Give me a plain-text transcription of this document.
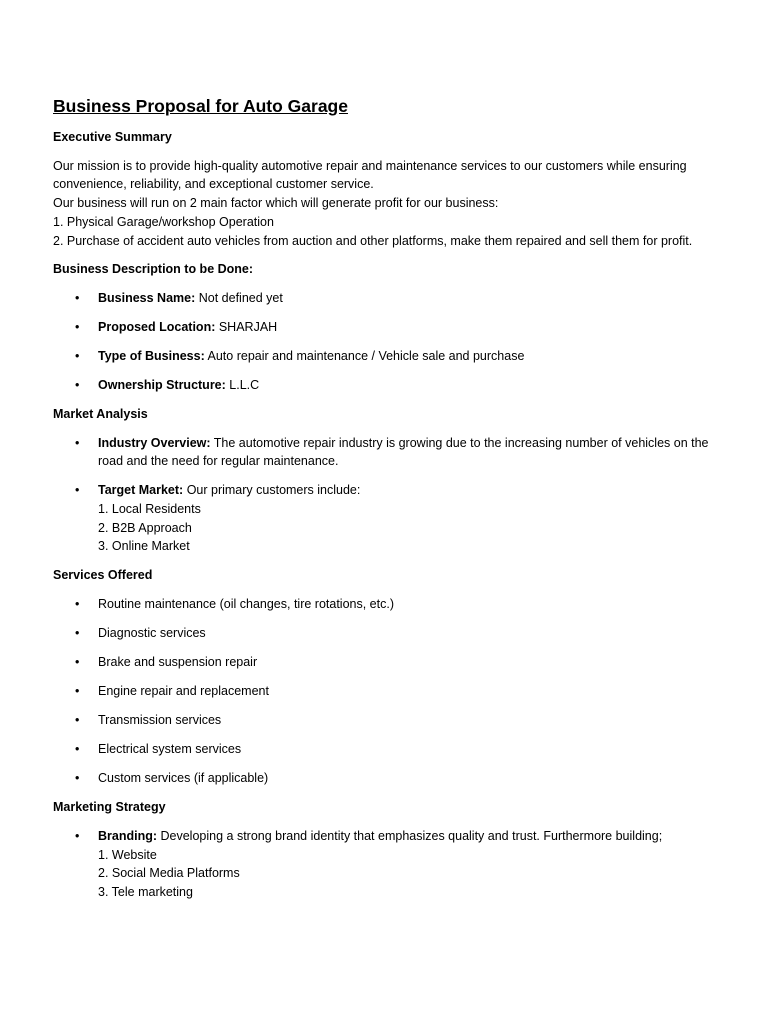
Business Proposal for Auto Garage
Executive Summary
Our mission is to provide high-quality automotive repair and maintenance services to our customers while ensuring
convenience, reliability, and exceptional customer service.
Our business will run on 2 main factor which will generate profit for our business:
1. Physical Garage/workshop Operation
2. Purchase of accident auto vehicles from auction and other platforms, make them repaired and sell them for profit.
Business Description to be Done:
• Business Name: Not defined yet
• Proposed Location: SHARJAH
• Type of Business: Auto repair and maintenance / Vehicle sale and purchase
• Ownership Structure: L.L.C
Market Analysis
• Industry Overview: The automotive repair industry is growing due to the increasing number of vehicles on the
road and the need for regular maintenance.
• Target Market: Our primary customers include:
1. Local Residents
2. B2B Approach
3. Online Market
Services Offered
• Routine maintenance (oil changes, tire rotations, etc.)
• Diagnostic services
• Brake and suspension repair
• Engine repair and replacement
• Transmission services
• Electrical system services
• Custom services (if applicable)
Marketing Strategy
• Branding: Developing a strong brand identity that emphasizes quality and trust. Furthermore building;
1. Website
2. Social Media Platforms
3. Tele marketing
